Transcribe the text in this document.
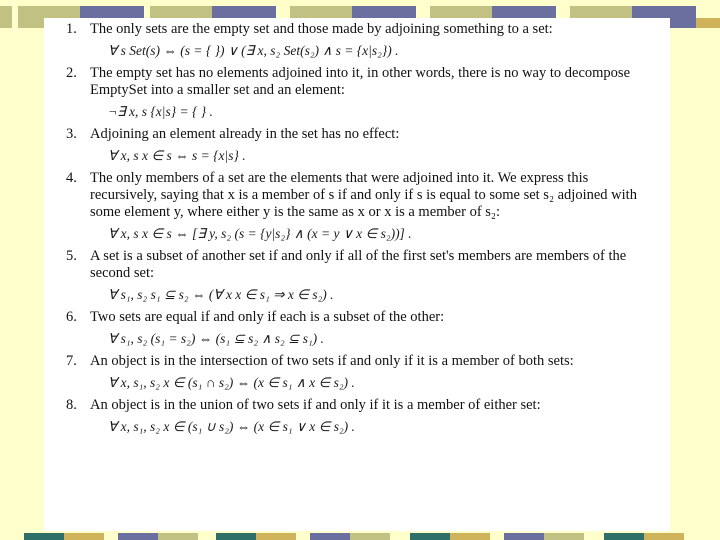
1. The only sets are the empty set and those made by adjoining something to a set:
∀ s Set(s) ⇔ (s = { }) ∨ (∃ x, s₂ Set(s₂) ∧ s = {x|s₂}) .
2. The empty set has no elements adjoined into it, in other words, there is no way to decompose EmptySet into a smaller set and an element:
¬∃ x, s {x|s} = { } .
3. Adjoining an element already in the set has no effect:
∀ x, s x ∈ s ⇔ s = {x|s} .
4. The only members of a set are the elements that were adjoined into it. We express this recursively, saying that x is a member of s if and only if s is equal to some set s₂ adjoined with some element y, where either y is the same as x or x is a member of s₂:
∀ x, s x ∈ s ⇔ [∃ y, s₂ (s = {y|s₂} ∧ (x = y ∨ x ∈ s₂))] .
5. A set is a subset of another set if and only if all of the first set's members are members of the second set:
∀ s₁, s₂ s₁ ⊆ s₂ ⇔ (∀ x x ∈ s₁ ⇒ x ∈ s₂) .
6. Two sets are equal if and only if each is a subset of the other:
∀ s₁, s₂ (s₁ = s₂) ⇔ (s₁ ⊆ s₂ ∧ s₂ ⊆ s₁) .
7. An object is in the intersection of two sets if and only if it is a member of both sets:
∀ x, s₁, s₂ x ∈ (s₁ ∩ s₂) ⇔ (x ∈ s₁ ∧ x ∈ s₂) .
8. An object is in the union of two sets if and only if it is a member of either set:
∀ x, s₁, s₂ x ∈ (s₁ ∪ s₂) ⇔ (x ∈ s₁ ∨ x ∈ s₂) .
